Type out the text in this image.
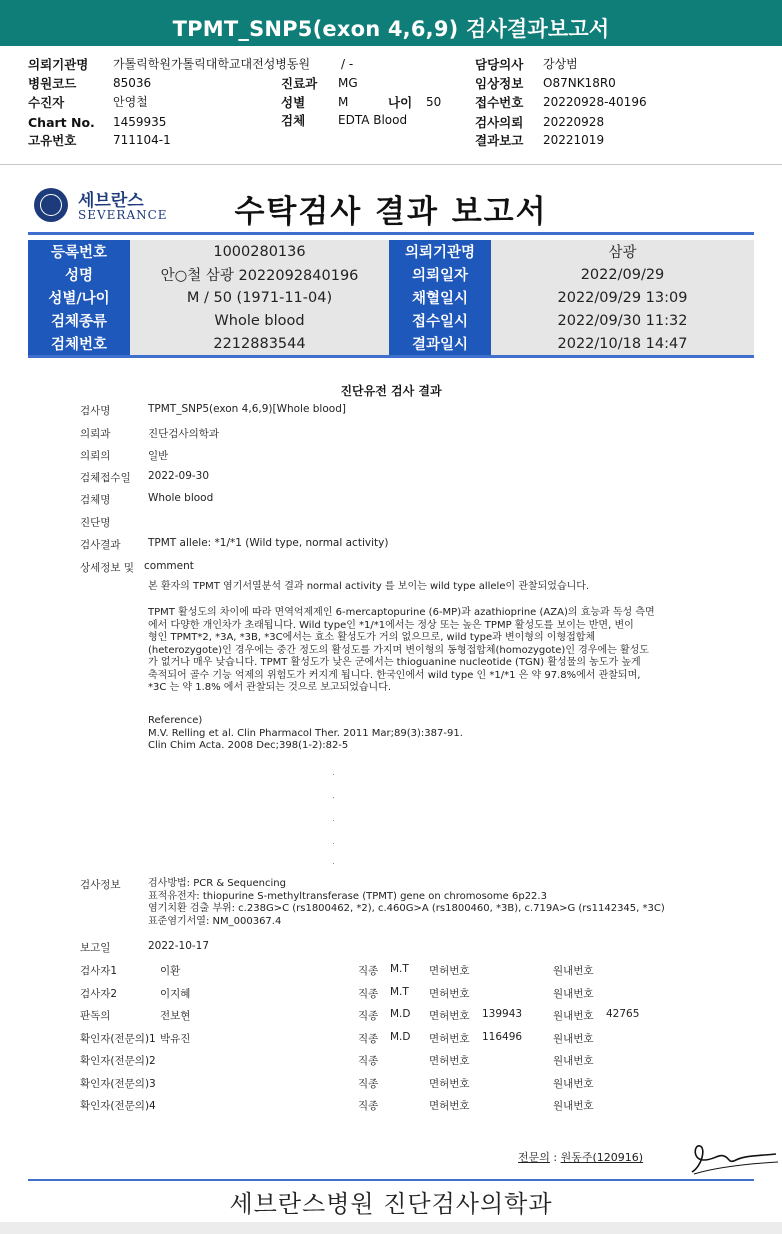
TPMT_SNP5(exon 4,6,9) 검사결과보고서
의뢰기관명 가톨릭학원가톨릭대학교대전성병동원	/ -	담당의사 강상범
병원코드	85036	진료과 MG	임상정보 O87NK18R0
수진자	안영철	성별	M	나이 50	접수번호 20220928-40196
Chart No. 1459935	검체	EDTA Blood	검사의뢰 20220928
고유번호	711104-1	결과보고 20221019
세브란스
SEVERANCE	수탁검사 결과 보고서
등록번호	1000280136	의뢰기관명	삼광
성명	안○철 삼광 2022092840196	의뢰일자	2022/09/29
성별/나이	M / 50 (1971-11-04)	채혈일시	2022/09/29 13:09
검체종류	Whole blood	접수일시	2022/09/30 11:32
검체번호	2212883544	결과일시	2022/10/18 14:47
진단유전 검사 결과
검사명	TPMT_SNP5(exon 4,6,9)[Whole blood]
의뢰과	진단검사의학과
의뢰의	일반
검체접수일 2022-09-30
검체명	Whole blood
진단명
검사결과	TPMT allele: *1/*1 (Wild type, normal activity)
상세정보 및 comment
본 환자의 TPMT 염기서열분석 결과 normal activity 를 보이는 wild type allele이 관찰되었습니다.
TPMT 활성도의 차이에 따라 면역억제제인 6-mercaptopurine (6-MP)과 azathioprine (AZA)의 효능과 독성 측면
에서 다양한 개인차가 초래됩니다. Wild type인 *1/*1에서는 정상 또는 높은 TPMP 활성도를 보이는 반면, 변이
형인 TPMT*2, *3A, *3B, *3C에서는 효소 활성도가 거의 없으므로, wild type과 변이형의 이형접합체
(heterozygote)인 경우에는 중간 정도의 활성도를 가지며 변이형의 동형접합체(homozygote)인 경우에는 활성도
가 없거나 매우 낮습니다. TPMT 활성도가 낮은 군에서는 thioguanine nucleotide (TGN) 활성물의 농도가 높게
축적되어 골수 기능 억제의 위험도가 커지게 됩니다. 한국인에서 wild type 인 *1/*1 은 약 97.8%에서 관찰되며,
*3C 는 약 1.8% 에서 관찰되는 것으로 보고되었습니다.
Reference)
M.V. Relling et al. Clin Pharmacol Ther. 2011 Mar;89(3):387-91.
Clin Chim Acta. 2008 Dec;398(1-2):82-5
검사정보	검사방법: PCR & Sequencing
표적유전자: thiopurine S-methyltransferase (TPMT) gene on chromosome 6p22.3
염기치환 검출 부위: c.238G>C (rs1800462, *2), c.460G>A (rs1800460, *3B), c.719A>G (rs1142345, *3C)
표준염기서열: NM_000367.4
보고일	2022-10-17
검사자1	이환	직종 M.T 면허번호	원내번호
검사자2	이지혜	직종 M.T 면허번호	원내번호
판독의	전보현	직종 M.D 면허번호 139943	원내번호 42765
확인자(전문의)1 박유진	직종 M.D 면허번호 116496	원내번호
확인자(전문의)2	직종	면허번호	원내번호
확인자(전문의)3	직종	면허번호	원내번호
확인자(전문의)4	직종	면허번호	원내번호
전문의 : 원동주(120916)
세브란스병원 진단검사의학과
